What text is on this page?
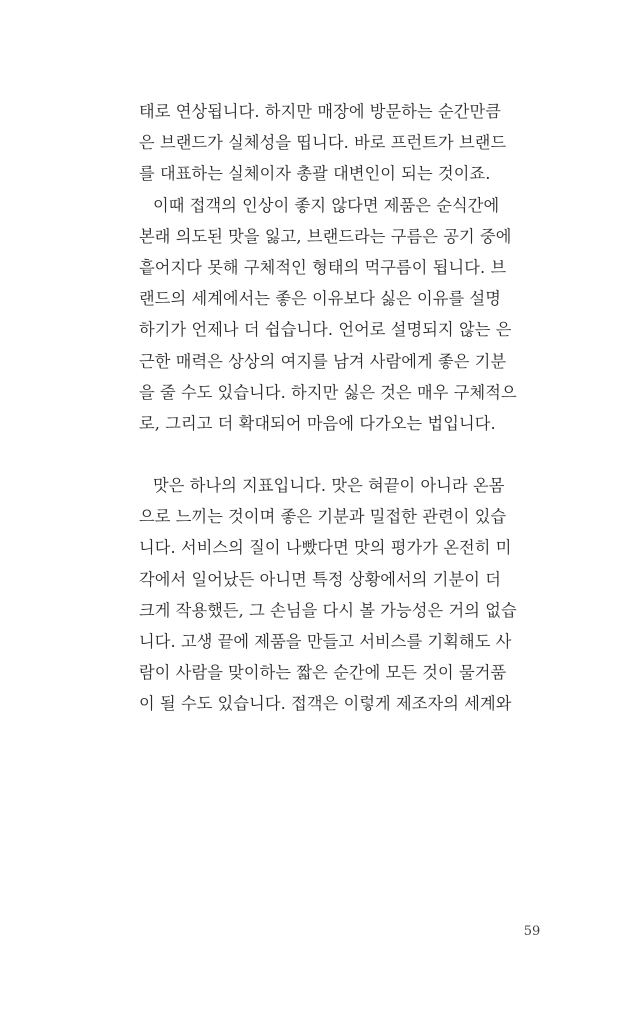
태로 연상됩니다. 하지만 매장에 방문하는 순간만큼
은 브랜드가 실체성을 띱니다. 바로 프런트가 브랜드
를 대표하는 실체이자 총괄 대변인이 되는 것이죠.
이때 접객의 인상이 좋지 않다면 제품은 순식간에
본래 의도된 맛을 잃고, 브랜드라는 구름은 공기 중에
흩어지다 못해 구체적인 형태의 먹구름이 됩니다. 브
랜드의 세계에서는 좋은 이유보다 싫은 이유를 설명
하기가 언제나 더 쉽습니다. 언어로 설명되지 않는 은
근한 매력은 상상의 여지를 남겨 사람에게 좋은 기분
을 줄 수도 있습니다. 하지만 싫은 것은 매우 구체적으
로, 그리고 더 확대되어 마음에 다가오는 법입니다.
맛은 하나의 지표입니다. 맛은 혀끝이 아니라 온몸
으로 느끼는 것이며 좋은 기분과 밀접한 관련이 있습
니다. 서비스의 질이 나빴다면 맛의 평가가 온전히 미
각에서 일어났든 아니면 특정 상황에서의 기분이 더
크게 작용했든, 그 손님을 다시 볼 가능성은 거의 없습
니다. 고생 끝에 제품을 만들고 서비스를 기획해도 사
람이 사람을 맞이하는 짧은 순간에 모든 것이 물거품
이 될 수도 있습니다. 접객은 이렇게 제조자의 세계와
59
